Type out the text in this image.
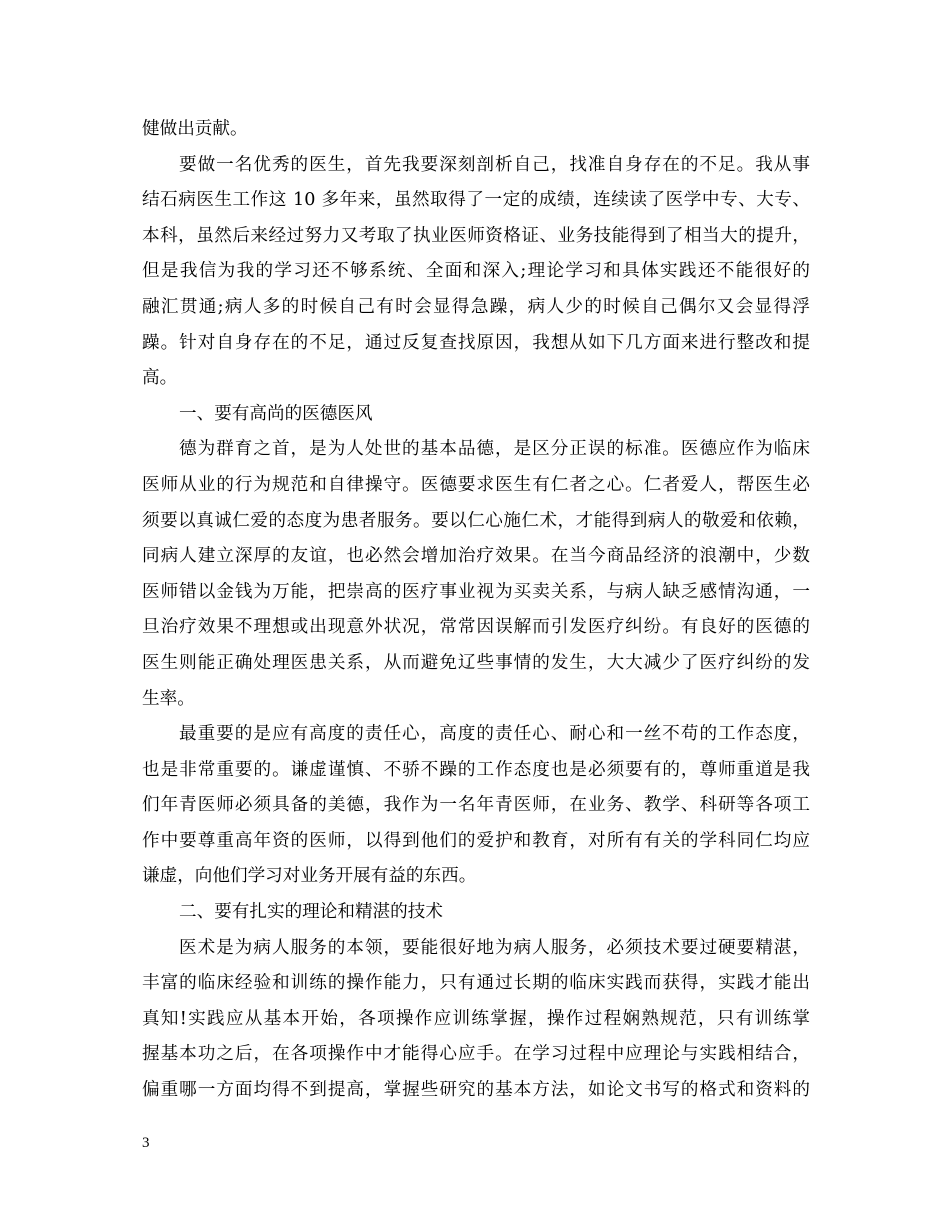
健做出贡献。
要做一名优秀的医生，首先我要深刻剖析自己，找准自身存在的不足。我从事
结石病医生工作这 10 多年来，虽然取得了一定的成绩，连续读了医学中专、大专、
本科，虽然后来经过努力又考取了执业医师资格证、业务技能得到了相当大的提升，
但是我信为我的学习还不够系统、全面和深入;理论学习和具体实践还不能很好的
融汇贯通;病人多的时候自己有时会显得急躁，病人少的时候自己偶尔又会显得浮
躁。针对自身存在的不足，通过反复查找原因，我想从如下几方面来进行整改和提
高。
一、要有高尚的医德医风
德为群育之首，是为人处世的基本品德，是区分正误的标准。医德应作为临床
医师从业的行为规范和自律操守。医德要求医生有仁者之心。仁者爱人，帮医生必
须要以真诚仁爱的态度为患者服务。要以仁心施仁术，才能得到病人的敬爱和依赖，
同病人建立深厚的友谊，也必然会增加治疗效果。在当今商品经济的浪潮中，少数
医师错以金钱为万能，把崇高的医疗事业视为买卖关系，与病人缺乏感情沟通，一
旦治疗效果不理想或出现意外状况，常常因误解而引发医疗纠纷。有良好的医德的
医生则能正确处理医患关系，从而避免辽些事情的发生，大大减少了医疗纠纷的发
生率。
最重要的是应有高度的责任心，高度的责任心、耐心和一丝不苟的工作态度，
也是非常重要的。谦虚谨慎、不骄不躁的工作态度也是必须要有的，尊师重道是我
们年青医师必须具备的美德，我作为一名年青医师，在业务、教学、科研等各项工
作中要尊重高年资的医师，以得到他们的爱护和教育，对所有有关的学科同仁均应
谦虚，向他们学习对业务开展有益的东西。
二、要有扎实的理论和精湛的技术
医术是为病人服务的本领，要能很好地为病人服务，必须技术要过硬要精湛，
丰富的临床经验和训练的操作能力，只有通过长期的临床实践而获得，实践才能出
真知!实践应从基本开始，各项操作应训练掌握，操作过程娴熟规范，只有训练掌
握基本功之后，在各项操作中才能得心应手。在学习过程中应理论与实践相结合，
偏重哪一方面均得不到提高，掌握些研究的基本方法，如论文书写的格式和资料的
3
